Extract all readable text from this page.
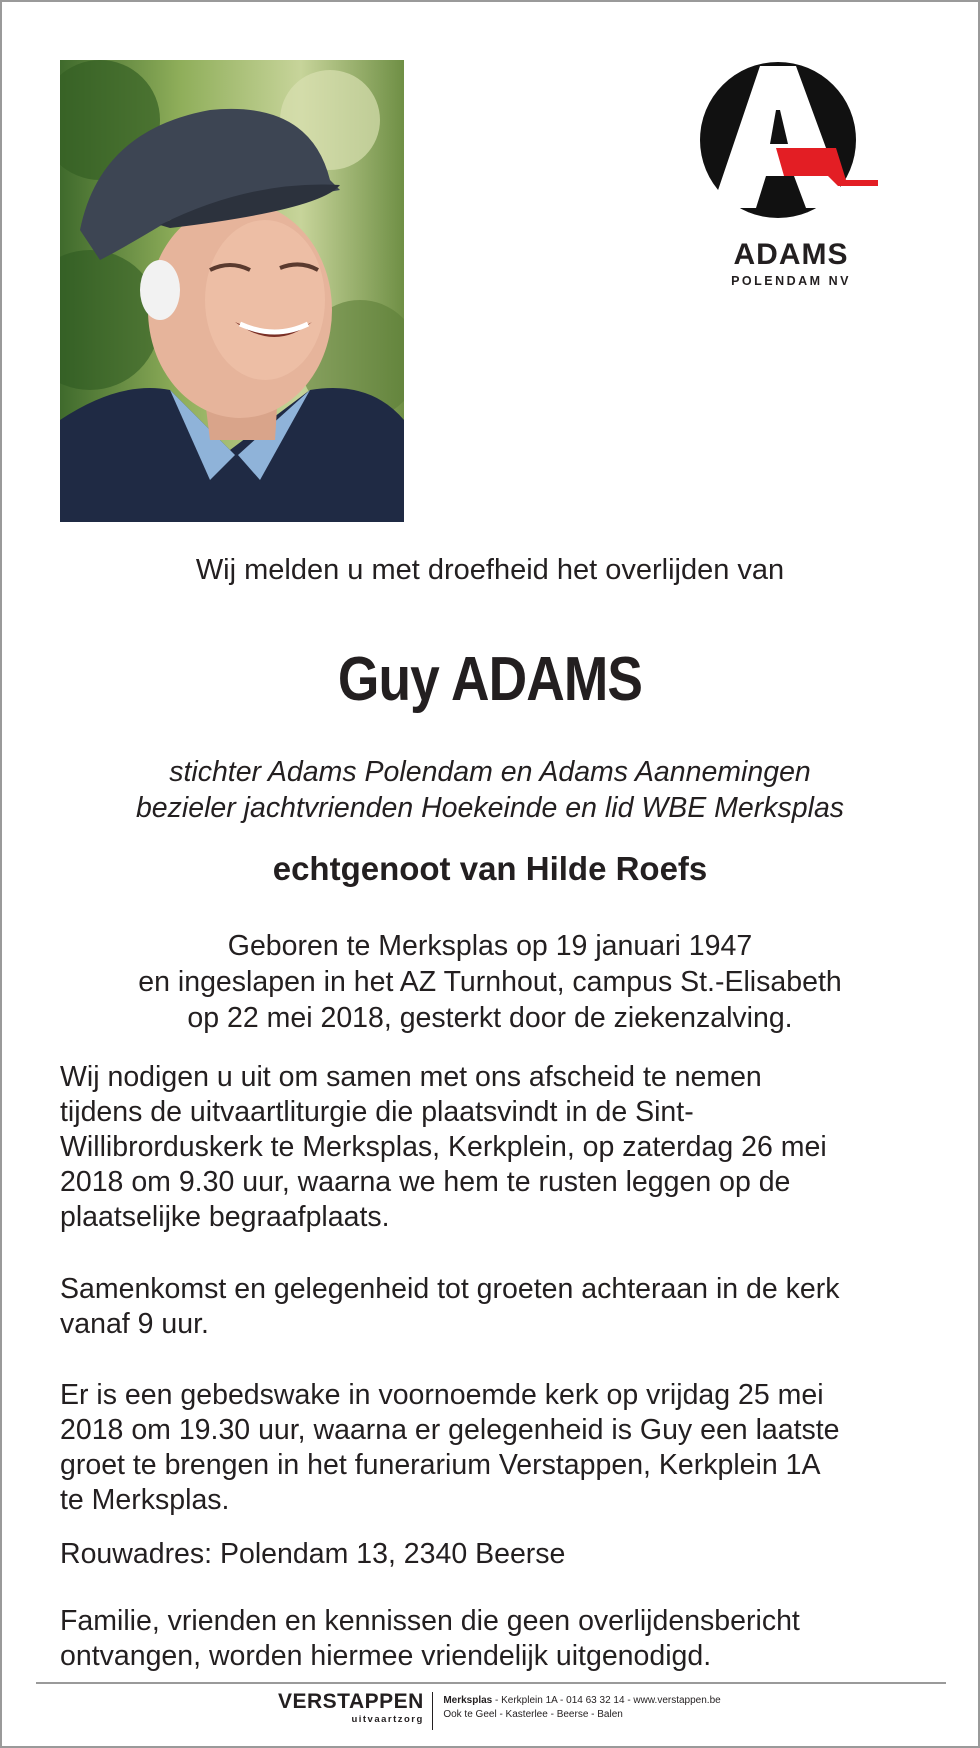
ADAMS
POLENDAM NV
Wij melden u met droefheid het overlijden van
Guy ADAMS
stichter Adams Polendam en Adams Aannemingen
bezieler jachtvrienden Hoekeinde en lid WBE Merksplas
echtgenoot van Hilde Roefs
Geboren te Merksplas op 19 januari 1947
en ingeslapen in het AZ Turnhout, campus St.-Elisabeth
op 22 mei 2018, gesterkt door de ziekenzalving.
Wij nodigen u uit om samen met ons afscheid te nemen
tijdens de uitvaartliturgie die plaatsvindt in de Sint-
Willibrorduskerk te Merksplas, Kerkplein, op zaterdag 26 mei
2018 om 9.30 uur, waarna we hem te rusten leggen op de
plaatselijke begraafplaats.
Samenkomst en gelegenheid tot groeten achteraan in de kerk
vanaf 9 uur.
Er is een gebedswake in voornoemde kerk op vrijdag 25 mei
2018 om 19.30 uur, waarna er gelegenheid is Guy een laatste
groet te brengen in het funerarium Verstappen, Kerkplein 1A
te Merksplas.
Rouwadres: Polendam 13, 2340 Beerse
Familie, vrienden en kennissen die geen overlijdensbericht
ontvangen, worden hiermee vriendelijk uitgenodigd.
VERSTAPPEN
uitvaartzorg
Merksplas - Kerkplein 1A - 014 63 32 14 - www.verstappen.be
Ook te Geel - Kasterlee - Beerse - Balen
